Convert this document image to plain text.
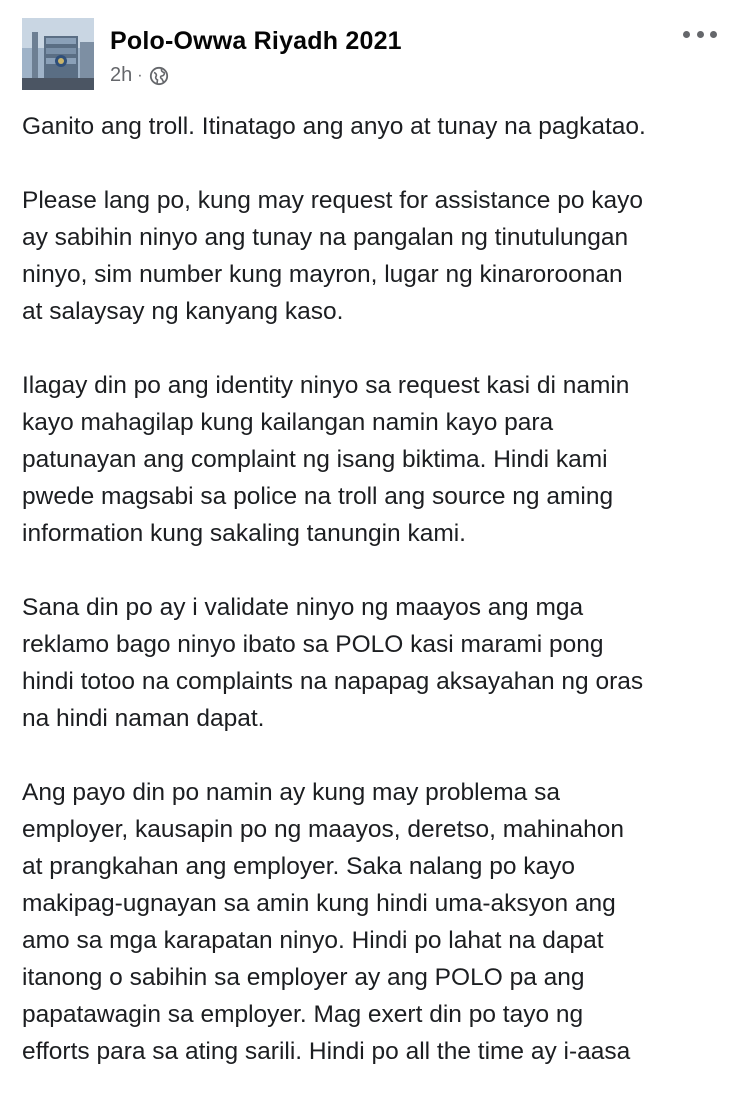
Polo-Owwa Riyadh 2021
2h ·

Ganito ang troll. Itinatago ang anyo at tunay na pagkatao.

Please lang po, kung may request for assistance po kayo
ay sabihin ninyo ang tunay na pangalan ng tinutulungan
ninyo, sim number kung mayron, lugar ng kinaroroonan
at salaysay ng kanyang kaso.

Ilagay din po ang identity ninyo sa request kasi di namin
kayo mahagilap kung kailangan namin kayo para
patunayan ang complaint ng isang biktima. Hindi kami
pwede magsabi sa police na troll ang source ng aming
information kung sakaling tanungin kami.

Sana din po ay i validate ninyo ng maayos ang mga
reklamo bago ninyo ibato sa POLO kasi marami pong
hindi totoo na complaints na napapag aksayahan ng oras
na hindi naman dapat.

Ang payo din po namin ay kung may problema sa
employer, kausapin po ng maayos, deretso, mahinahon
at prangkahan ang employer. Saka nalang po kayo
makipag-ugnayan sa amin kung hindi uma-aksyon ang
amo sa mga karapatan ninyo. Hindi po lahat na dapat
itanong o sabihin sa employer ay ang POLO pa ang
papatawagin sa employer. Mag exert din po tayo ng
efforts para sa ating sarili. Hindi po all the time ay i-aasa
